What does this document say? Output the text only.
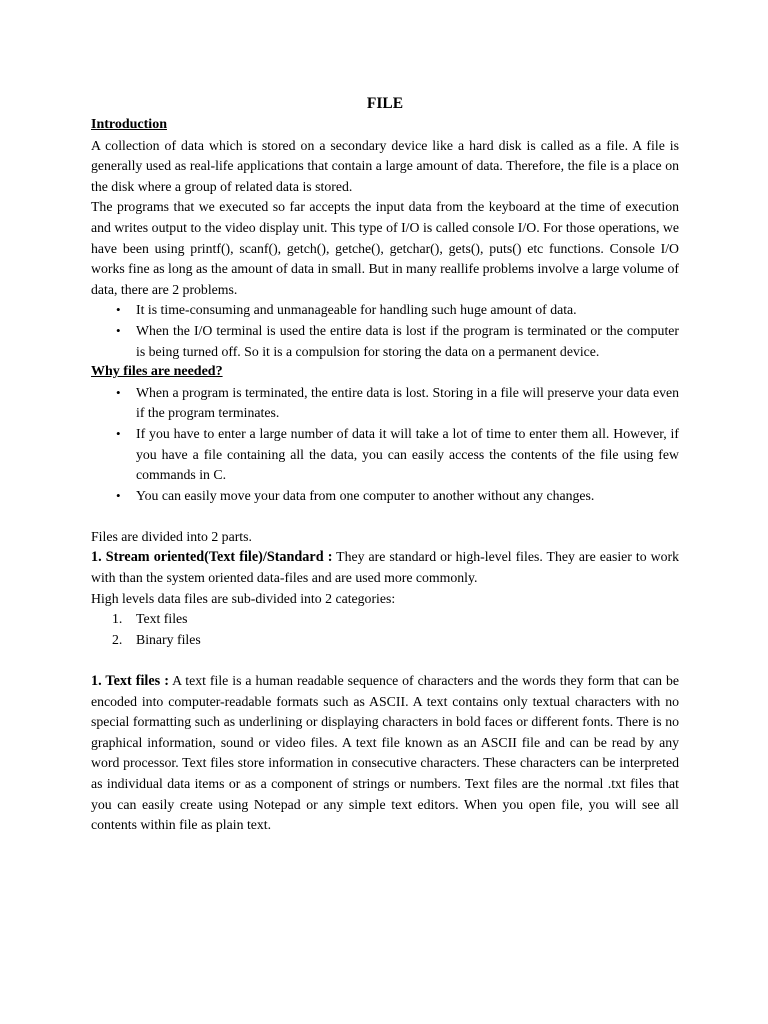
FILE
Introduction

A collection of data which is stored on a secondary device like a hard disk is called as a file. A file is generally used as real-life applications that contain a large amount of data. Therefore, the file is a place on the disk where a group of related data is stored.

The programs that we executed so far accepts the input data from the keyboard at the time of execution and writes output to the video display unit. This type of I/O is called console I/O. For those operations, we have been using printf(), scanf(), getch(), getche(), getchar(), gets(), puts() etc functions. Console I/O works fine as long as the amount of data in small. But in many reallife problems involve a large volume of data, there are 2 problems.

• It is time-consuming and unmanageable for handling such huge amount of data.
• When the I/O terminal is used the entire data is lost if the program is terminated or the computer is being turned off. So it is a compulsion for storing the data on a permanent device.
Why files are needed?
• When a program is terminated, the entire data is lost. Storing in a file will preserve your data even if the program terminates.
• If you have to enter a large number of data it will take a lot of time to enter them all. However, if you have a file containing all the data, you can easily access the contents of the file using few commands in C.
• You can easily move your data from one computer to another without any changes.

Files are divided into 2 parts.

1. Stream oriented(Text file)/Standard : They are standard or high-level files. They are easier to work with than the system oriented data-files and are used more commonly.

High levels data files are sub-divided into 2 categories:

1. Text files
2. Binary files

1. Text files : A text file is a human readable sequence of characters and the words they form that can be encoded into computer-readable formats such as ASCII. A text contains only textual characters with no special formatting such as underlining or displaying characters in bold faces or different fonts. There is no graphical information, sound or video files. A text file known as an ASCII file and can be read by any word processor. Text files store information in consecutive characters. These characters can be interpreted as individual data items or as a component of strings or numbers. Text files are the normal .txt files that you can easily create using Notepad or any simple text editors. When you open file, you will see all contents within file as plain text.
